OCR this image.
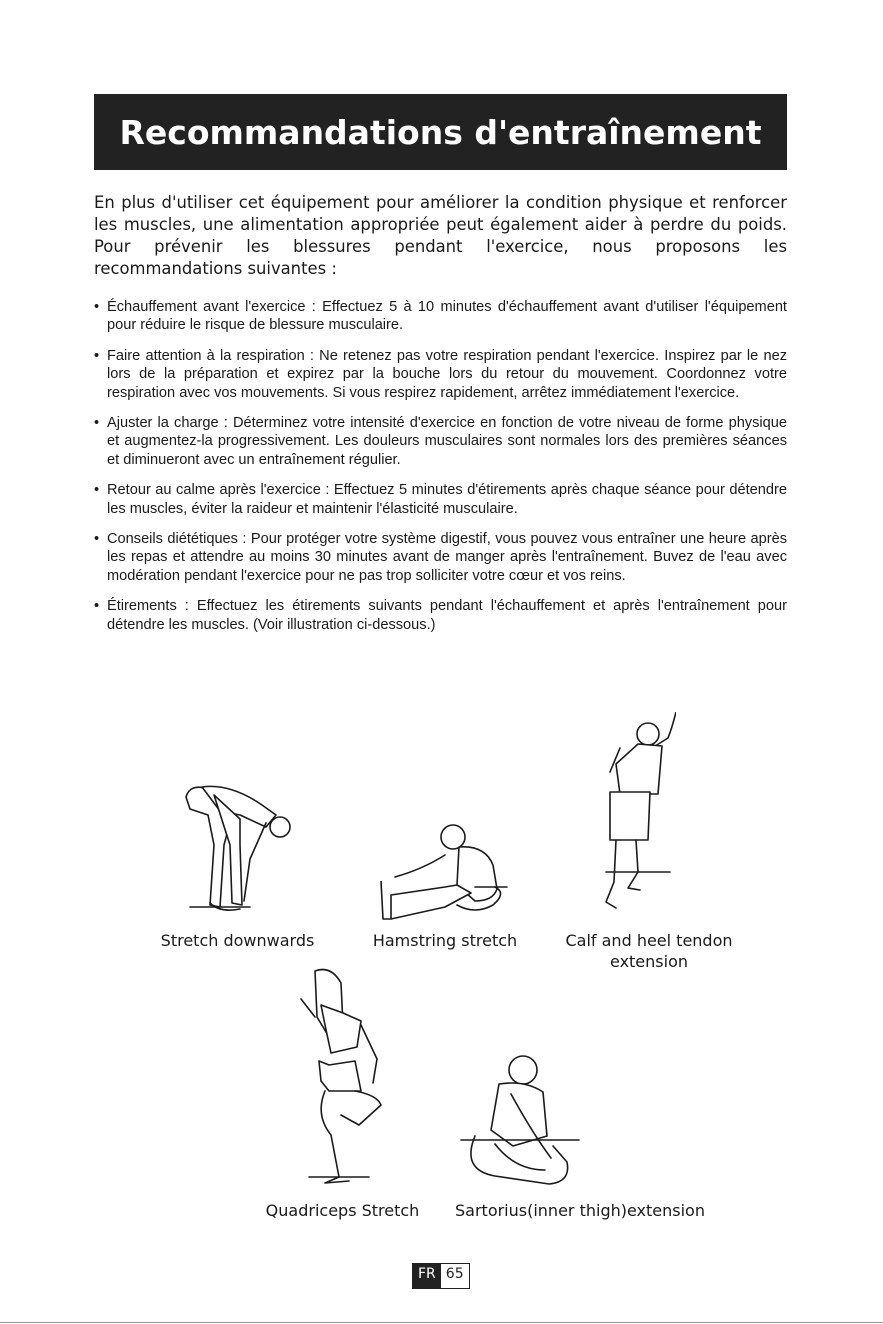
Recommandations d'entraînement

En plus d'utiliser cet équipement pour améliorer la condition physique et renforcer les muscles, une alimentation appropriée peut également aider à perdre du poids. Pour prévenir les blessures pendant l'exercice, nous proposons les recommandations suivantes :

• Échauffement avant l'exercice : Effectuez 5 à 10 minutes d'échauffement avant d'utiliser l'équipement pour réduire le risque de blessure musculaire.
• Faire attention à la respiration : Ne retenez pas votre respiration pendant l'exercice. Inspirez par le nez lors de la préparation et expirez par la bouche lors du retour du mouvement. Coordonnez votre respiration avec vos mouvements. Si vous respirez rapidement, arrêtez immédiatement l'exercice.
• Ajuster la charge : Déterminez votre intensité d'exercice en fonction de votre niveau de forme physique et augmentez-la progressivement. Les douleurs musculaires sont normales lors des premières séances et diminueront avec un entraînement régulier.
• Retour au calme après l'exercice : Effectuez 5 minutes d'étirements après chaque séance pour détendre les muscles, éviter la raideur et maintenir l'élasticité musculaire.
• Conseils diététiques : Pour protéger votre système digestif, vous pouvez vous entraîner une heure après les repas et attendre au moins 30 minutes avant de manger après l'entraînement. Buvez de l'eau avec modération pendant l'exercice pour ne pas trop solliciter votre cœur et vos reins.
• Étirements : Effectuez les étirements suivants pendant l'échauffement et après l'entraînement pour détendre les muscles. (Voir illustration ci-dessous.)
Stretch downwards	Hamstring stretch	Calf and heel tendon extension
Quadriceps Stretch	Sartorius(inner thigh)extension
FR 65
